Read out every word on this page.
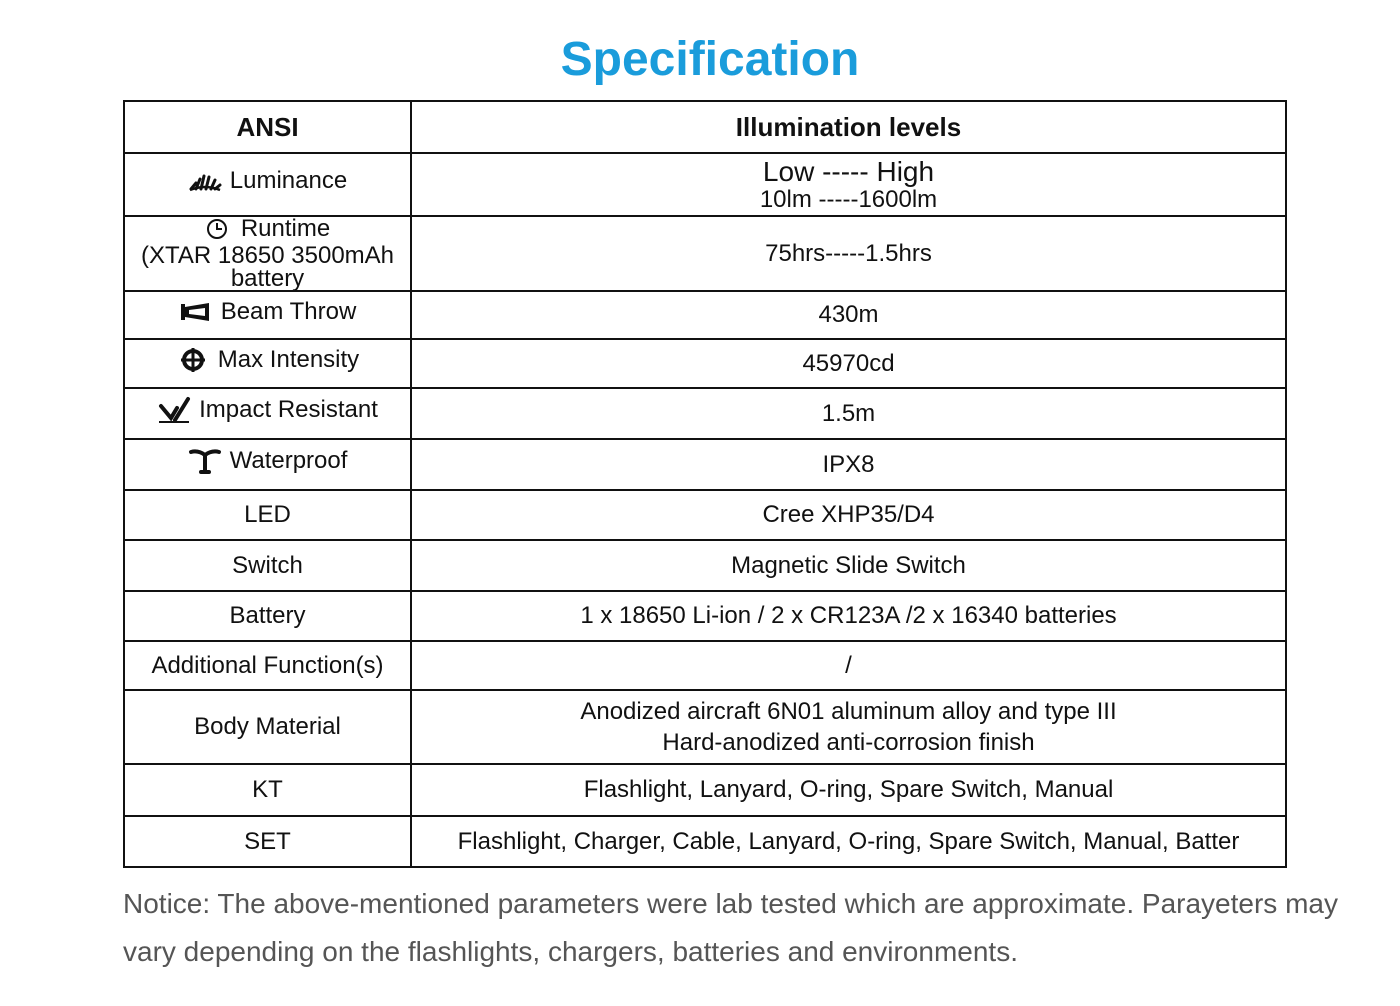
Specification
ANSI	Illumination levels

Luminance	Low ----- High
10lm -----1600lm

Runtime
(XTAR 18650 3500mAh
battery	75hrs-----1.5hrs

Beam Throw	430m

Max Intensity	45970cd

Impact Resistant	1.5m

Waterproof	IPX8
LED	Cree XHP35/D4
Switch	Magnetic Slide Switch
Battery	1 x 18650 Li-ion / 2 x CR123A /2 x 16340 batteries
Additional Function(s)	/
Body Material	Anodized aircraft 6N01 aluminum alloy and type III
Hard-anodized anti-corrosion finish

KT	Flashlight, Lanyard, O-ring, Spare Switch, Manual
SET	Flashlight, Charger, Cable, Lanyard, O-ring, Spare Switch, Manual, Batter
Notice: The above-mentioned parameters were lab tested which are approximate. Parayeters may vary depending on the flashlights, chargers, batteries and environments.
